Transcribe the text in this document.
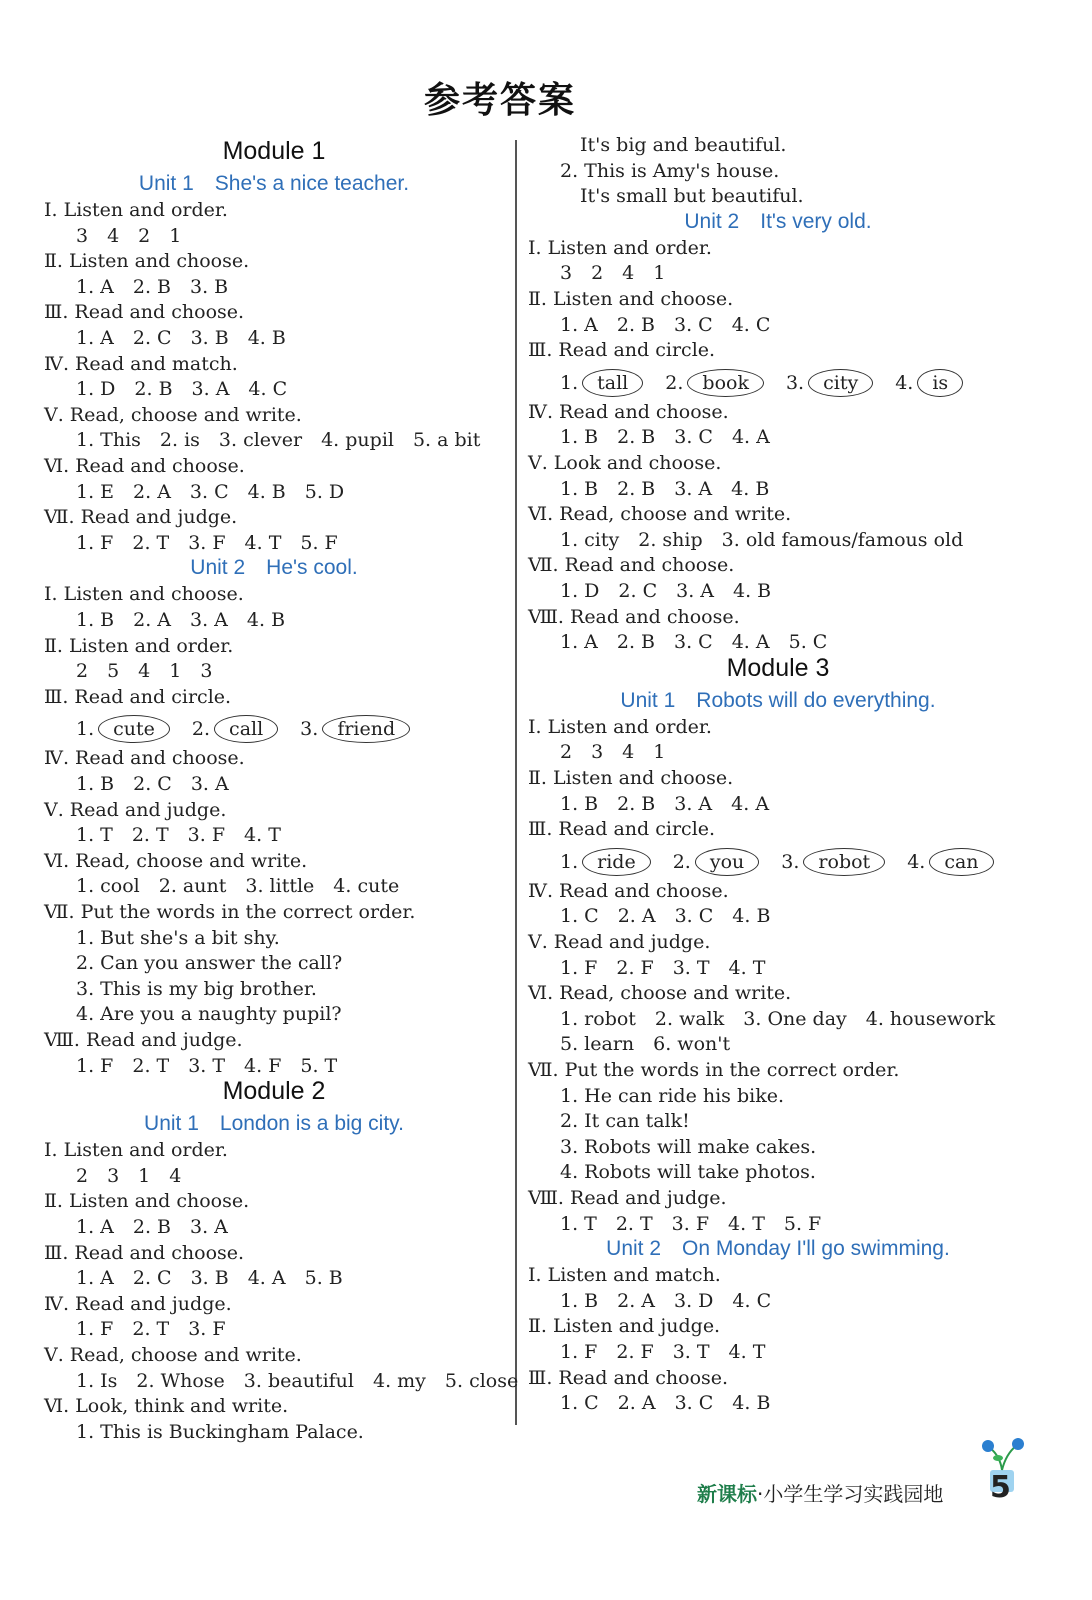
参考答案
Module 1
Unit 1　She's a nice teacher.
Ⅰ. Listen and order.
3　4　2　1
Ⅱ. Listen and choose.
1. A　2. B　3. B
Ⅲ. Read and choose.
1. A　2. C　3. B　4. B
Ⅳ. Read and match.
1. D　2. B　3. A　4. C
Ⅴ. Read, choose and write.
1. This　2. is　3. clever　4. pupil　5. a bit
Ⅵ. Read and choose.
1. E　2. A　3. C　4. B　5. D
Ⅶ. Read and judge.
1. F　2. T　3. F　4. T　5. F
Unit 2　He's cool.
Ⅰ. Listen and choose.
1. B　2. A　3. A　4. B
Ⅱ. Listen and order.
2　5　4　1　3
Ⅲ. Read and circle.
1. cute 2. call 3. friend
Ⅳ. Read and choose.
1. B　2. C　3. A
Ⅴ. Read and judge.
1. T　2. T　3. F　4. T
Ⅵ. Read, choose and write.
1. cool　2. aunt　3. little　4. cute
Ⅶ. Put the words in the correct order.
1. But she's a bit shy.
2. Can you answer the call?
3. This is my big brother.
4. Are you a naughty pupil?
Ⅷ. Read and judge.
1. F　2. T　3. T　4. F　5. T
Module 2
Unit 1　London is a big city.
Ⅰ. Listen and order.
2　3　1　4
Ⅱ. Listen and choose.
1. A　2. B　3. A
Ⅲ. Read and choose.
1. A　2. C　3. B　4. A　5. B
Ⅳ. Read and judge.
1. F　2. T　3. F
Ⅴ. Read, choose and write.
1. Is　2. Whose　3. beautiful　4. my　5. close
Ⅵ. Look, think and write.
1. This is Buckingham Palace.
It's big and beautiful.
2. This is Amy's house.
It's small but beautiful.
Unit 2　It's very old.
Ⅰ. Listen and order.
3　2　4　1
Ⅱ. Listen and choose.
1. A　2. B　3. C　4. C
Ⅲ. Read and circle.
1. tall 2. book 3. city 4. is
Ⅳ. Read and choose.
1. B　2. B　3. C　4. A
Ⅴ. Look and choose.
1. B　2. B　3. A　4. B
Ⅵ. Read, choose and write.
1. city　2. ship　3. old famous/famous old
Ⅶ. Read and choose.
1. D　2. C　3. A　4. B
Ⅷ. Read and choose.
1. A　2. B　3. C　4. A　5. C
Module 3
Unit 1　Robots will do everything.
Ⅰ. Listen and order.
2　3　4　1
Ⅱ. Listen and choose.
1. B　2. B　3. A　4. A
Ⅲ. Read and circle.
1. ride 2. you 3. robot 4. can
Ⅳ. Read and choose.
1. C　2. A　3. C　4. B
Ⅴ. Read and judge.
1. F　2. F　3. T　4. T
Ⅵ. Read, choose and write.
1. robot　2. walk　3. One day　4. housework
5. learn　6. won't
Ⅶ. Put the words in the correct order.
1. He can ride his bike.
2. It can talk!
3. Robots will make cakes.
4. Robots will take photos.
Ⅷ. Read and judge.
1. T　2. T　3. F　4. T　5. F
Unit 2　On Monday I'll go swimming.
Ⅰ. Listen and match.
1. B　2. A　3. D　4. C
Ⅱ. Listen and judge.
1. F　2. F　3. T　4. T
Ⅲ. Read and choose.
1. C　2. A　3. C　4. B
新课标·小学生学习实践园地 5
